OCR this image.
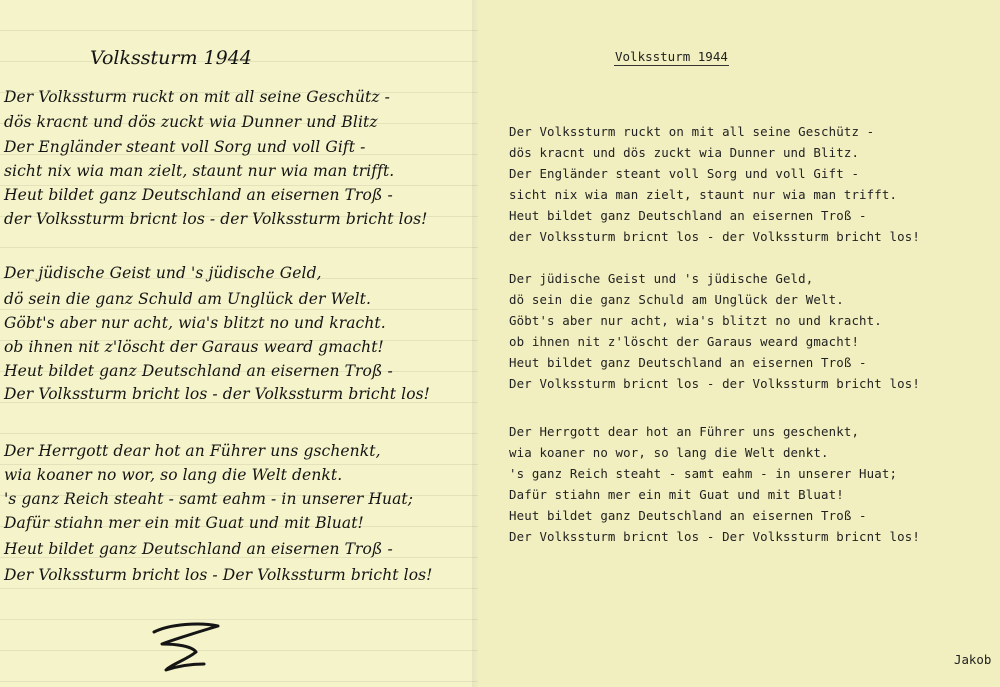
Volkssturm 1944
Der Volkssturm ruckt on mit all seine Geschütz -
dös kracnt und dös zuckt wia Dunner und Blitz
Der Engländer steant voll Sorg und voll Gift -
sicht nix wia man zielt, staunt nur wia man trifft.
Heut bildet ganz Deutschland an eisernen Troß -
der Volkssturm bricnt los - der Volkssturm bricht los!
Der jüdische Geist und 's jüdische Geld,
dö sein die ganz Schuld am Unglück der Welt.
Göbt's aber nur acht, wia's blitzt no und kracht.
ob ihnen nit z'löscht der Garaus weard gmacht!
Heut bildet ganz Deutschland an eisernen Troß -
Der Volkssturm bricht los - der Volkssturm bricht los!
Der Herrgott dear hot an Führer uns gschenkt,
wia koaner no wor, so lang die Welt denkt.
's ganz Reich steaht - samt eahm - in unserer Huat;
Dafür stiahn mer ein mit Guat und mit Bluat!
Heut bildet ganz Deutschland an eisernen Troß -
Der Volkssturm bricht los - Der Volkssturm bricht los!
Volkssturm 1944
Der Volkssturm ruckt on mit all seine Geschütz -
dös kracnt und dös zuckt wia Dunner und Blitz.
Der Engländer steant voll Sorg und voll Gift -
sicht nix wia man zielt, staunt nur wia man trifft.
Heut bildet ganz Deutschland an eisernen Troß -
der Volkssturm bricnt los - der Volkssturm bricht los!
Der jüdische Geist und 's jüdische Geld,
dö sein die ganz Schuld am Unglück der Welt.
Göbt's aber nur acht, wia's blitzt no und kracht.
ob ihnen nit z'löscht der Garaus weard gmacht!
Heut bildet ganz Deutschland an eisernen Troß -
Der Volkssturm bricnt los - der Volkssturm bricht los!
Der Herrgott dear hot an Führer uns geschenkt,
wia koaner no wor, so lang die Welt denkt.
's ganz Reich steaht - samt eahm - in unserer Huat;
Dafür stiahn mer ein mit Guat und mit Bluat!
Heut bildet ganz Deutschland an eisernen Troß -
Der Volkssturm bricnt los - Der Volkssturm bricnt los!
Jakob
